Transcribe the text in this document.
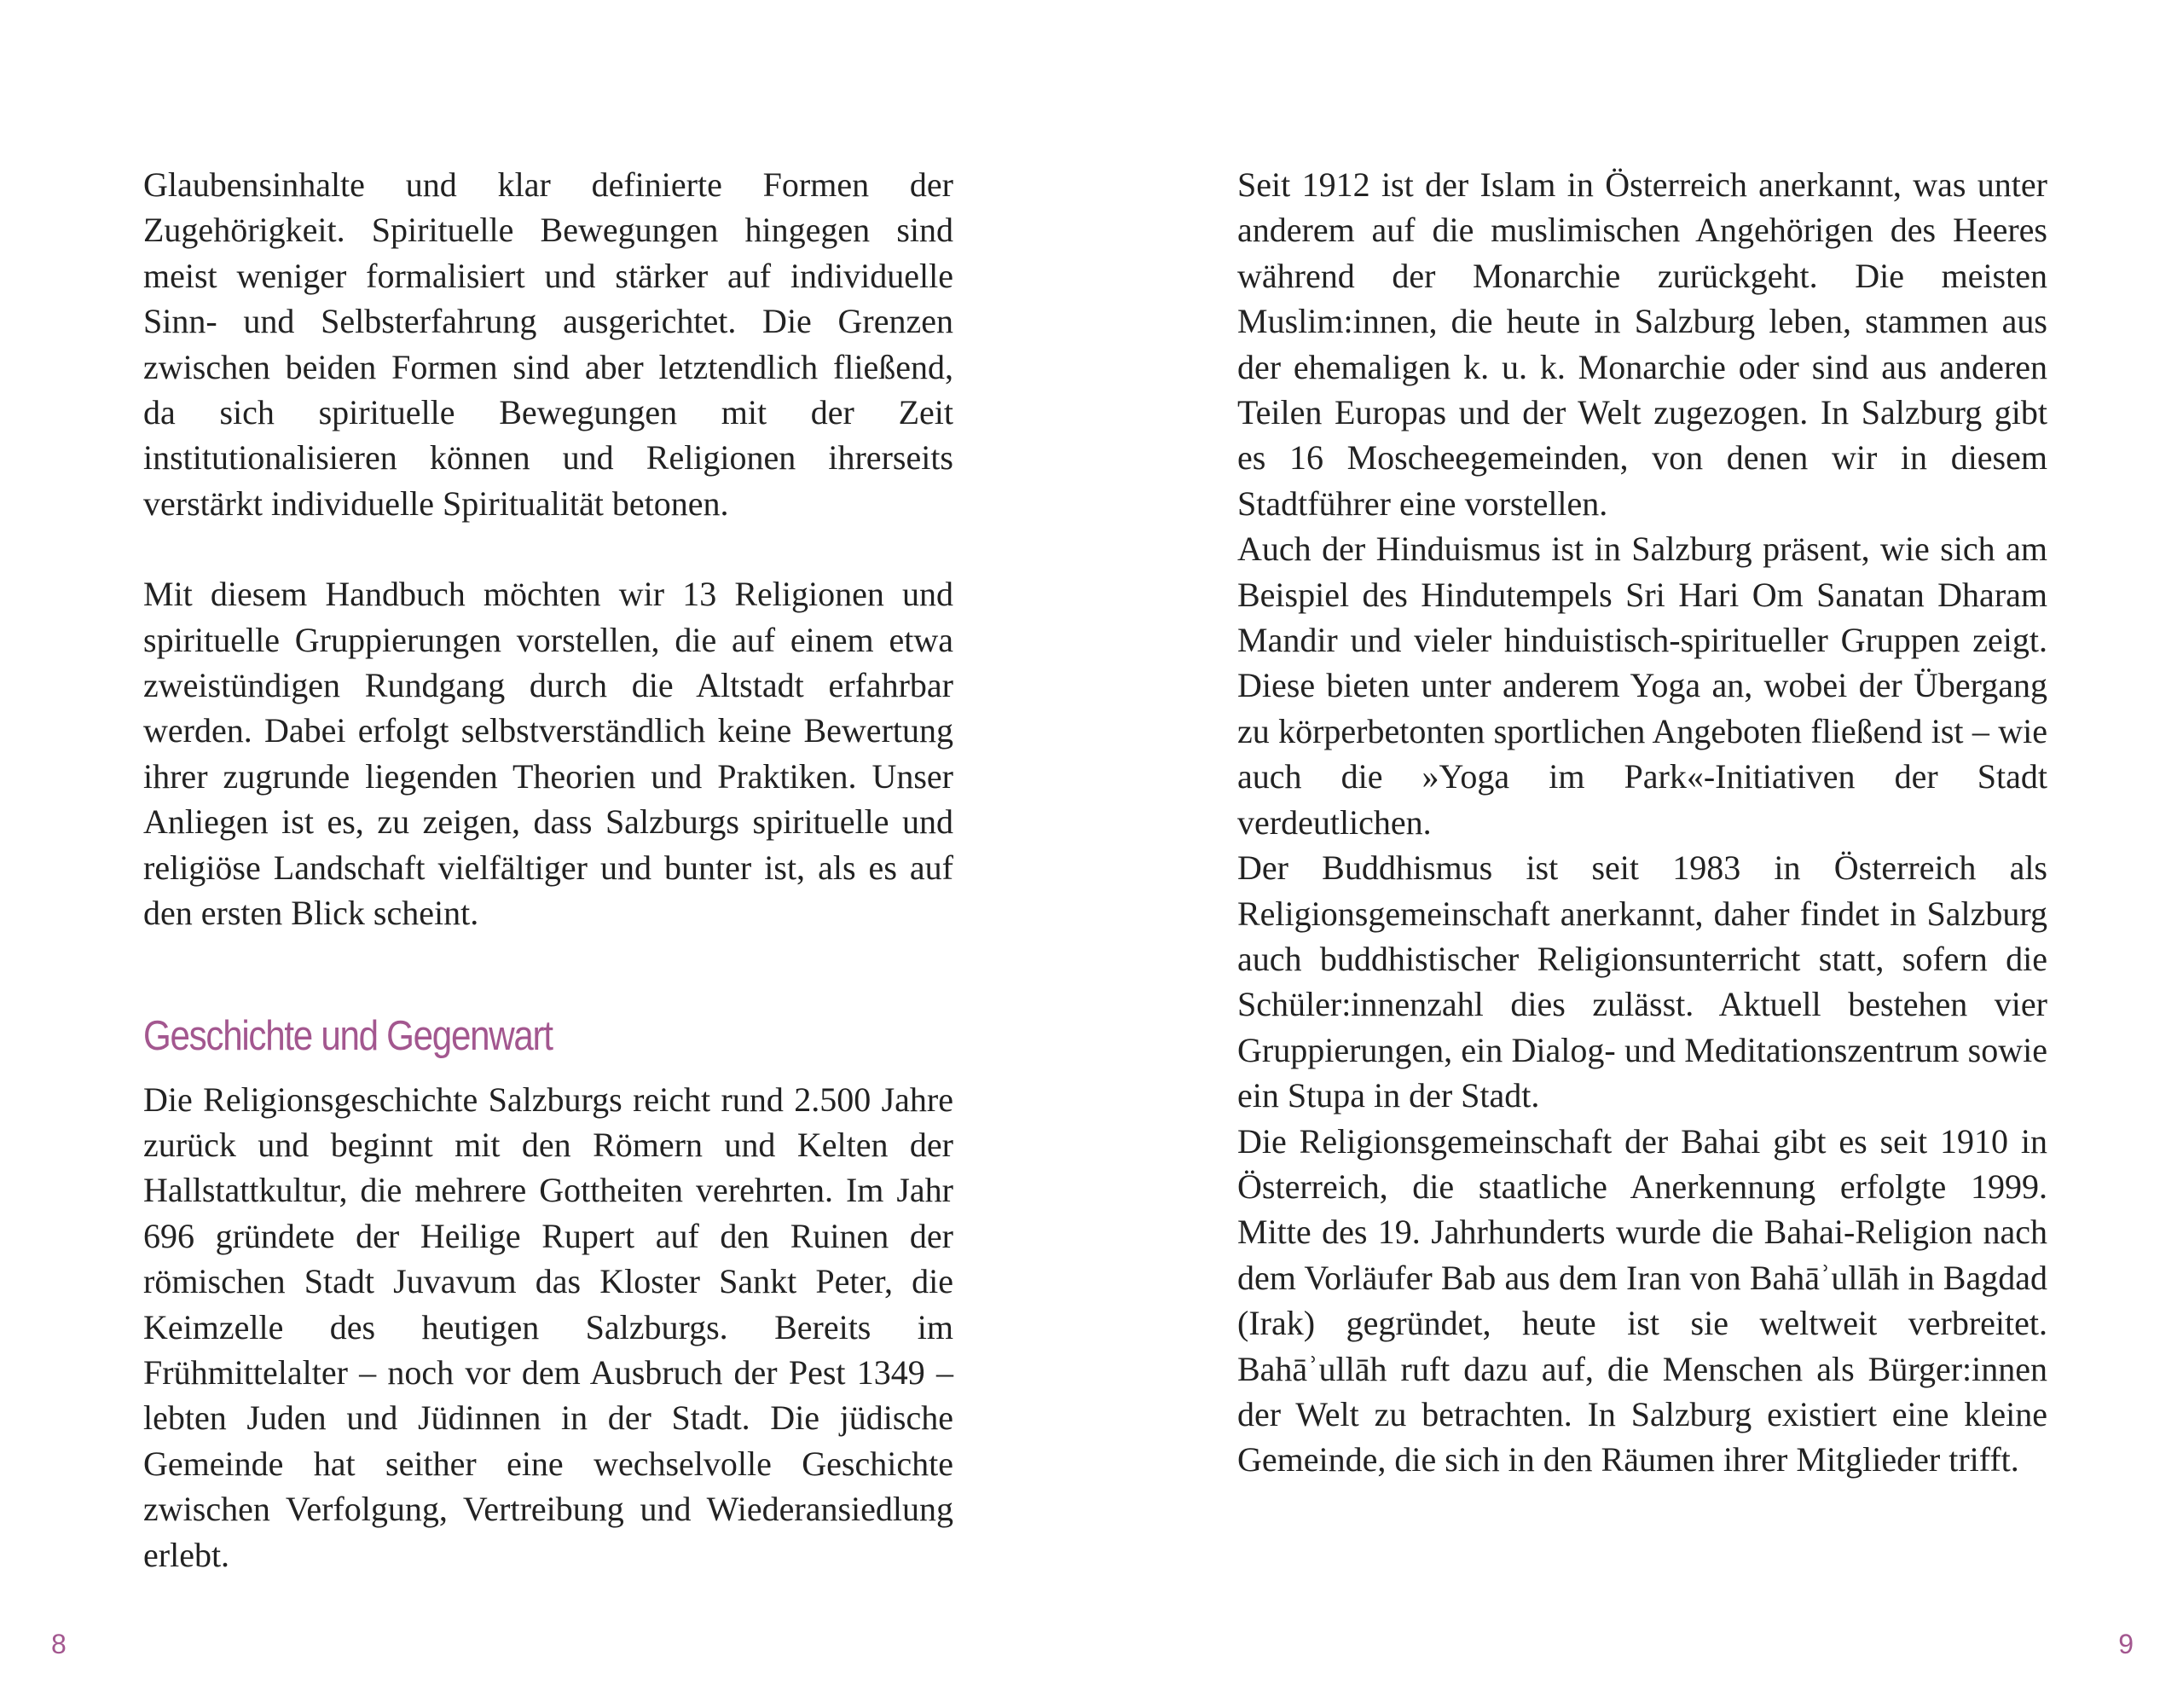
Glaubensinhalte und klar definierte Formen der Zugehörigkeit. Spirituelle Bewegungen hingegen sind meist weniger formalisiert und stärker auf individuelle Sinn- und Selbsterfahrung ausgerichtet. Die Grenzen zwischen beiden Formen sind aber letztendlich fließend, da sich spirituelle Bewegungen mit der Zeit institutionalisieren können und Religionen ihrerseits verstärkt individuelle Spiritualität betonen.

Mit diesem Handbuch möchten wir 13 Religionen und spirituelle Gruppierungen vorstellen, die auf einem etwa zweistündigen Rundgang durch die Altstadt erfahrbar werden. Dabei erfolgt selbstverständlich keine Bewertung ihrer zugrunde liegenden Theorien und Praktiken. Unser Anliegen ist es, zu zeigen, dass Salzburgs spirituelle und religiöse Landschaft vielfältiger und bunter ist, als es auf den ersten Blick scheint.

Geschichte und Gegenwart

Die Religionsgeschichte Salzburgs reicht rund 2.500 Jahre zurück und beginnt mit den Römern und Kelten der Hallstattkultur, die mehrere Gottheiten verehrten. Im Jahr 696 gründete der Heilige Rupert auf den Ruinen der römischen Stadt Juvavum das Kloster Sankt Peter, die Keimzelle des heutigen Salzburgs. Bereits im Frühmittelalter – noch vor dem Ausbruch der Pest 1349 – lebten Juden und Jüdinnen in der Stadt. Die jüdische Gemeinde hat seither eine wechselvolle Geschichte zwischen Verfolgung, Vertreibung und Wiederansiedlung erlebt.

8

Seit 1912 ist der Islam in Österreich anerkannt, was unter anderem auf die muslimischen Angehörigen des Heeres während der Monarchie zurückgeht. Die meisten Muslim:innen, die heute in Salzburg leben, stammen aus der ehemaligen k. u. k. Monarchie oder sind aus anderen Teilen Europas und der Welt zugezogen. In Salzburg gibt es 16 Moscheegemeinden, von denen wir in diesem Stadtführer eine vorstellen.

Auch der Hinduismus ist in Salzburg präsent, wie sich am Beispiel des Hindutempels Sri Hari Om Sanatan Dharam Mandir und vieler hinduistisch-spiritueller Gruppen zeigt. Diese bieten unter anderem Yoga an, wobei der Übergang zu körperbetonten sportlichen Angeboten fließend ist – wie auch die »Yoga im Park«-Initiativen der Stadt verdeutlichen.

Der Buddhismus ist seit 1983 in Österreich als Religionsgemeinschaft anerkannt, daher findet in Salzburg auch buddhistischer Religionsunterricht statt, sofern die Schüler:innenzahl dies zulässt. Aktuell bestehen vier Gruppierungen, ein Dialog- und Meditationszentrum sowie ein Stupa in der Stadt.

Die Religionsgemeinschaft der Bahai gibt es seit 1910 in Österreich, die staatliche Anerkennung erfolgte 1999. Mitte des 19. Jahrhunderts wurde die Bahai-Religion nach dem Vorläufer Bab aus dem Iran von Bahāʾullāh in Bagdad (Irak) gegründet, heute ist sie weltweit verbreitet. Bahāʾullāh ruft dazu auf, die Menschen als Bürger:innen der Welt zu betrachten. In Salzburg existiert eine kleine Gemeinde, die sich in den Räumen ihrer Mitglieder trifft.

9
